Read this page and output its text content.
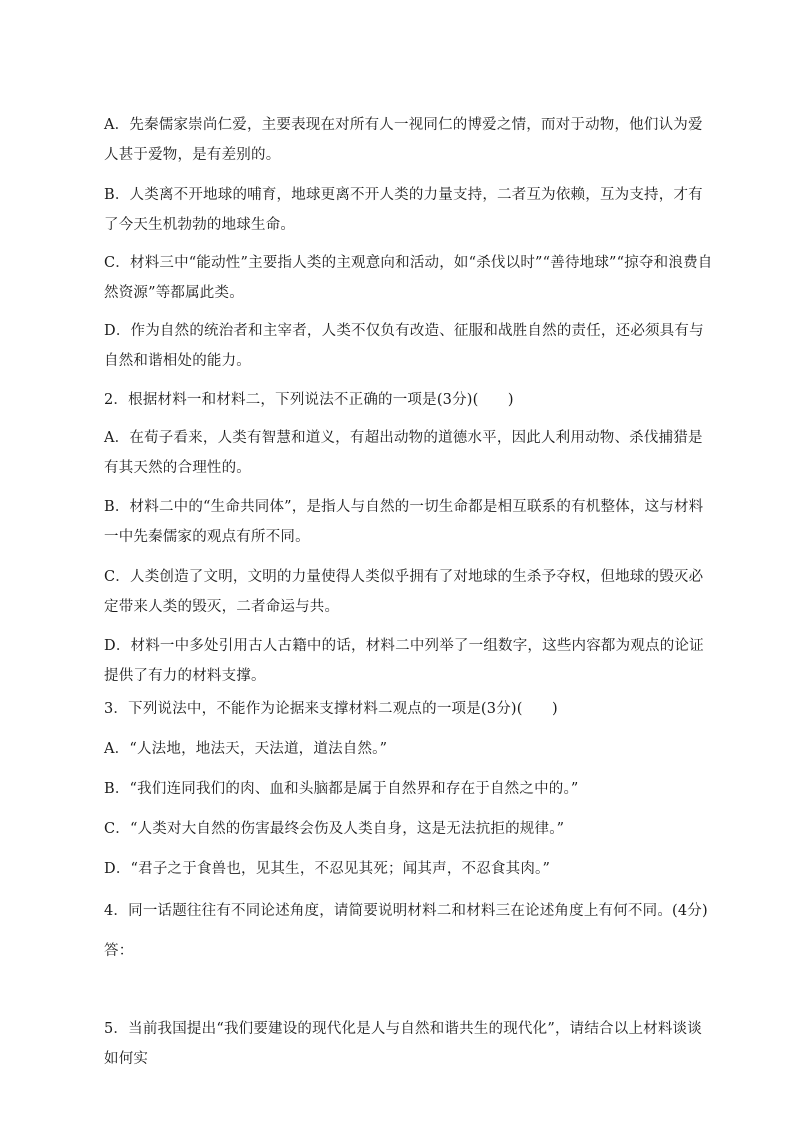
A．先秦儒家崇尚仁爱，主要表现在对所有人一视同仁的博爱之情，而对于动物，他们认为爱人甚于爱物，是有差别的。

B．人类离不开地球的哺育，地球更离不开人类的力量支持，二者互为依赖，互为支持，才有了今天生机勃勃的地球生命。

C．材料三中“能动性”主要指人类的主观意向和活动，如“杀伐以时”“善待地球”“掠夺和浪费自然资源”等都属此类。

D．作为自然的统治者和主宰者，人类不仅负有改造、征服和战胜自然的责任，还必须具有与自然和谐相处的能力。

2．根据材料一和材料二，下列说法不正确的一项是(3分)(　　)

A．在荀子看来，人类有智慧和道义，有超出动物的道德水平，因此人利用动物、杀伐捕猎是有其天然的合理性的。

B．材料二中的“生命共同体”，是指人与自然的一切生命都是相互联系的有机整体，这与材料一中先秦儒家的观点有所不同。

C．人类创造了文明，文明的力量使得人类似乎拥有了对地球的生杀予夺权，但地球的毁灭必定带来人类的毁灭，二者命运与共。

D．材料一中多处引用古人古籍中的话，材料二中列举了一组数字，这些内容都为观点的论证提供了有力的材料支撑。

3．下列说法中，不能作为论据来支撑材料二观点的一项是(3分)(　　)

A．“人法地，地法天，天法道，道法自然。”

B．“我们连同我们的肉、血和头脑都是属于自然界和存在于自然之中的。”

C．“人类对大自然的伤害最终会伤及人类自身，这是无法抗拒的规律。”

D．“君子之于食兽也，见其生，不忍见其死；闻其声，不忍食其肉。”

4．同一话题往往有不同论述角度，请简要说明材料二和材料三在论述角度上有何不同。(4分)

答：

5．当前我国提出“我们要建设的现代化是人与自然和谐共生的现代化”，请结合以上材料谈谈如何实
